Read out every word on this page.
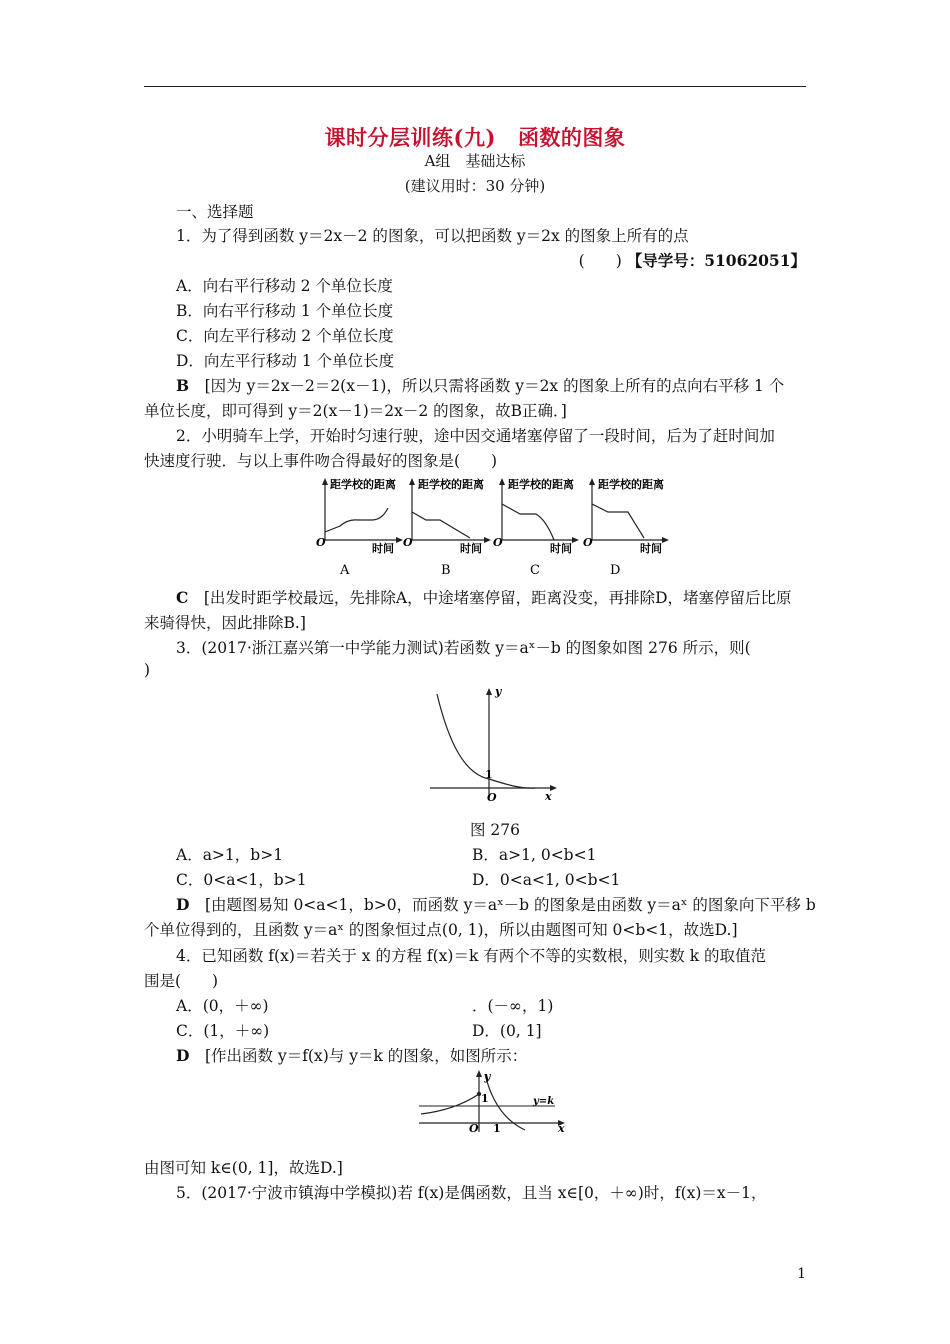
课时分层训练(九) 函数的图象
A组　基础达标
(建议用时：30 分钟)
一、选择题
1．为了得到函数 y＝2x－2 的图象，可以把函数 y＝2x 的图象上所有的点
(　　) 【导学号：51062051】
A．向右平行移动 2 个单位长度
B．向右平行移动 1 个单位长度
C．向左平行移动 2 个单位长度
D．向左平行移动 1 个单位长度
B　 [因为 y＝2x－2＝2(x－1)，所以只需将函数 y＝2x 的图象上所有的点向右平移 1 个
单位长度，即可得到 y＝2(x－1)＝2x－2 的图象，故B正确．]
2．小明骑车上学，开始时匀速行驶，途中因交通堵塞停留了一段时间，后为了赶时间加
快速度行驶．与以上事件吻合得最好的图象是(　　)
距学校的距离
O	时间
A
距学校的距离
O	时间
B
距学校的距离
O	时间
C
距学校的距离
O	时间
D
C　 [出发时距学校最远，先排除A，中途堵塞停留，距离没变，再排除D，堵塞停留后比原
来骑得快，因此排除B.]
3．(2017·浙江嘉兴第一中学能力测试)若函数 y＝aˣ－b 的图象如图 276 所示，则(
)
y
x
O
1
图 276
A．a>1，b>1	B．a>1, 0<b<1
C．0<a<1，b>1	D．0<a<1, 0<b<1
D　 [由题图易知 0<a<1，b>0，而函数 y＝aˣ－b 的图象是由函数 y＝aˣ 的图象向下平移 b
个单位得到的，且函数 y＝aˣ 的图象恒过点(0, 1)，所以由题图可知 0<b<1，故选D.]
4．已知函数 f(x)＝若关于 x 的方程 f(x)＝k 有两个不等的实数根，则实数 k 的取值范
围是(　　)
A．(0，＋∞)	．(－∞，1)
C．(1，＋∞)	D．(0, 1]
D　 [作出函数 y＝f(x)与 y＝k 的图象，如图所示：
y
x
O
1
1
y=k
由图可知 k∈(0, 1]，故选D.]
5．(2017·宁波市镇海中学模拟)若 f(x)是偶函数，且当 x∈[0，＋∞)时，f(x)＝x－1，
1
